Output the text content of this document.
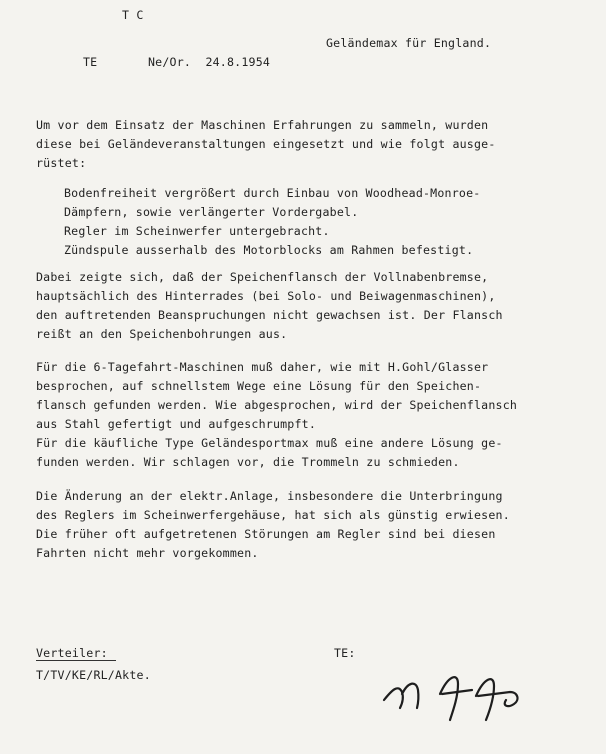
T C
Geländemax für England.
TE	Ne/Or.  24.8.1954
Um vor dem Einsatz der Maschinen Erfahrungen zu sammeln, wurden
diese bei Geländeveranstaltungen eingesetzt und wie folgt ausge-
rüstet:
Bodenfreiheit vergrößert durch Einbau von Woodhead-Monroe-
Dämpfern, sowie verlängerter Vordergabel.
Regler im Scheinwerfer untergebracht.
Zündspule ausserhalb des Motorblocks am Rahmen befestigt.
Dabei zeigte sich, daß der Speichenflansch der Vollnabenbremse,
hauptsächlich des Hinterrades (bei Solo- und Beiwagenmaschinen),
den auftretenden Beanspruchungen nicht gewachsen ist. Der Flansch
reißt an den Speichenbohrungen aus.
Für die 6-Tagefahrt-Maschinen muß daher, wie mit H.Gohl/Glasser
besprochen, auf schnellstem Wege eine Lösung für den Speichen-
flansch gefunden werden. Wie abgesprochen, wird der Speichenflansch
aus Stahl gefertigt und aufgeschrumpft.
Für die käufliche Type Geländesportmax muß eine andere Lösung ge-
funden werden. Wir schlagen vor, die Trommeln zu schmieden.
Die Änderung an der elektr.Anlage, insbesondere die Unterbringung
des Reglers im Scheinwerfergehäuse, hat sich als günstig erwiesen.
Die früher oft aufgetretenen Störungen am Regler sind bei diesen
Fahrten nicht mehr vorgekommen.
Verteiler:
T/TV/KE/RL/Akte.
TE:
